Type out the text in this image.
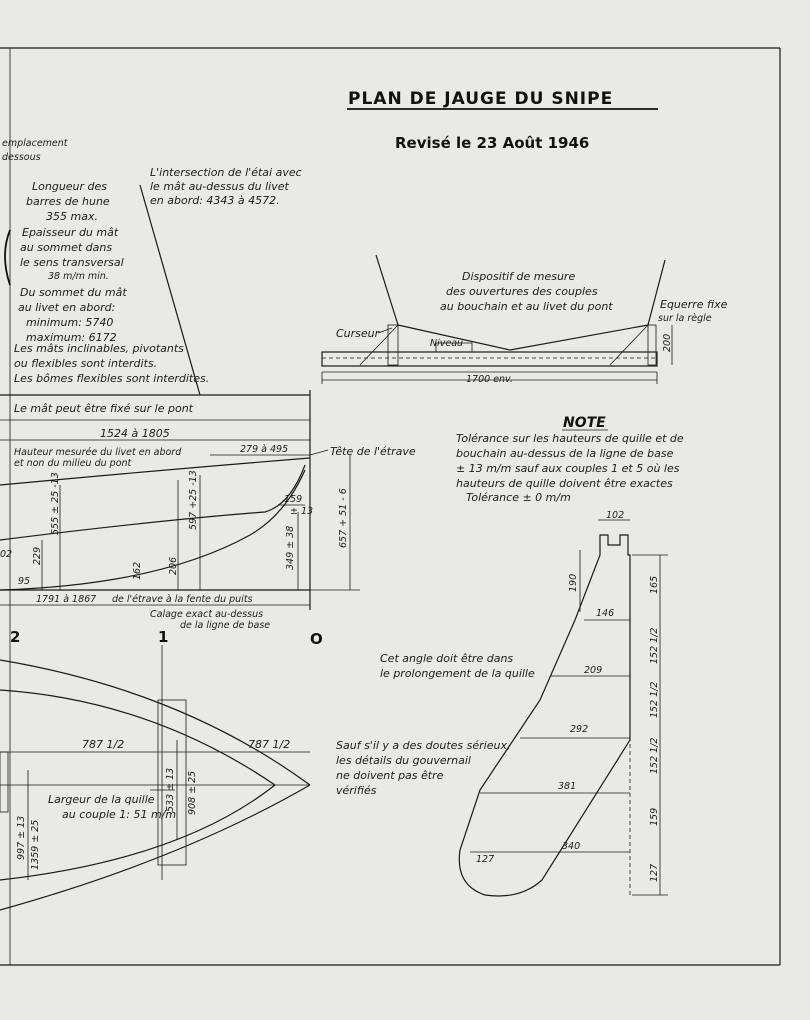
PLAN DE JAUGE DU SNIPE
Revisé le 23 Août 1946
emplacement
dessous
Longueur des
barres de hune
355 max.
Epaisseur du mât
au sommet dans
le sens transversal
38 m/m min.
Du sommet du mât
au livet en abord:
minimum: 5740
maximum: 6172
Les mâts inclinables, pivotants
ou flexibles sont interdits.
Les bômes flexibles sont interdites.
L'intersection de l'étai avec
le mât au-dessus du livet
en abord: 4343 à 4572.
Le mât peut être fixé sur le pont
1524 à 1805
279 à 495
Hauteur mesurée du livet en abord
et non du milieu du pont
Tête de l'étrave
555 ± 25 -13
229
95
02
597 +25 -13
206
162
159
± 13
349 ± 38	657 + 51 - 6
1791 à 1867 de l'étrave à la fente du puits
Calage exact au-dessus
de la ligne de base
2	1	O
787 1/2	787 1/2
Largeur de la quille
au couple 1: 51 m/m
533 ± 13 908 ± 25
997 ± 13 1359 ± 25
Dispositif de mesure
des ouvertures des couples
au bouchain et au livet du pont
Niveau
Curseur
Equerre fixe
sur la règle
200
1700 env.
NOTE
Tolérance sur les hauteurs de quille et de
bouchain au-dessus de la ligne de base
± 13 m/m sauf aux couples 1 et 5 où les
hauteurs de quille doivent être exactes
Tolérance ± 0 m/m
Cet angle doit être dans
le prolongement de la quille
Sauf s'il y a des doutes sérieux,
les détails du gouvernail
ne doivent pas être
vérifiés
102
190
146
209
292
381
340
127
165
152 1/2
152 1/2
152 1/2
159
127
